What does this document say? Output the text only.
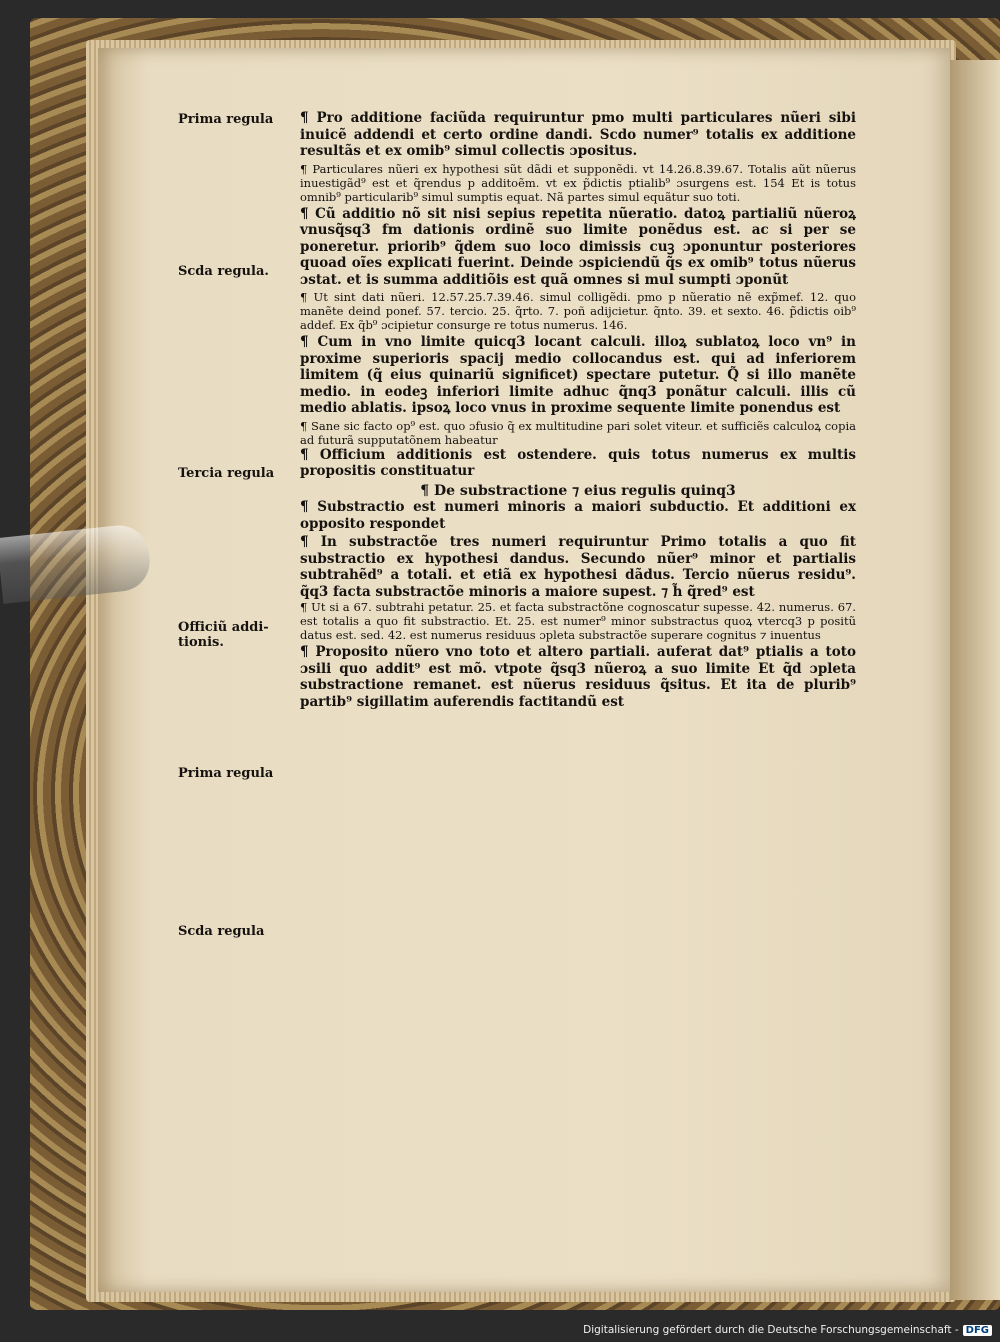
Prima regula
Scda regula.
Tercia regula
Officiũ addi-
tionis.
Prima regula
Scda regula
¶ Pro additione faciũda requiruntur pmo multi particulares nũeri sibi inuicẽ addendi et certo ordine dandi. Scdo numer⁹ totalis ex additione resultãs et ex omib⁹ simul collectis ɔpositus.
¶ Particulares nũeri ex hypothesi sũt dãdi et supponẽdi. vt 14.26.8.39.67. Totalis aũt nũerus inuestigãd⁹ est et q̃rendus p additoẽm. vt ex p̃dictis ptialib⁹ ɔsurgens est. 154 Et is totus omnib⁹ particularib⁹ simul sumptis equat. Nã partes simul equãtur suo toti.
¶ Cũ additio nõ sit nisi sepius repetita nũeratio. datoꝝ partialiũ nũeroꝝ vnusq̃sq3 fm dationis ordinẽ suo limite ponẽdus est. ac si per se poneretur. priorib⁹ q̃dem suo loco dimissis cuꝫ ɔponuntur posteriores quoad oĩes explicati fuerint. Deinde ɔspiciendũ q̃s ex omib⁹ totus nũerus ɔstat. et is summa additiõis est quã omnes si mul sumpti ɔponũt
¶ Ut sint dati nũeri. 12.57.25.7.39.46. simul colligẽdi. pmo p nũeratio nẽ exp̃mef. 12. quo manẽte deind ponef. 57. tercio. 25. q̃rto. 7. poñ adijcietur. q̃nto. 39. et sexto. 46. p̃dictis oib⁹ addef. Ex q̃b⁹ ɔcipietur consurge re totus numerus. 146.
¶ Cum in vno limite quicq3 locant calculi. illoꝝ sublatoꝝ loco vn⁹ in proxime superioris spacij medio collocandus est. qui ad inferiorem limitem (q̃ eius quinariũ significet) spectare putetur. Q̃ si illo manẽte medio. in eodeꝫ inferiori limite adhuc q̃nq3 ponãtur calculi. illis cũ medio ablatis. ipsoꝝ loco vnus in proxime sequente limite ponendus est
¶ Sane sic facto op⁹ est. quo ɔfusio q̃ ex multitudine pari solet viteur. et sufficiẽs calculoꝝ copia ad futurã supputatõnem habeatur
¶ Officium additionis est ostendere. quis totus numerus ex multis propositis constituatur
¶ De substractione ⁊ eius regulis quinq3
¶ Substractio est numeri minoris a maiori subductio. Et additioni ex opposito respondet
¶ In substractõe tres numeri requiruntur Primo totalis a quo fit substractio ex hypothesi dandus. Secundo nũer⁹ minor et partialis subtrahẽd⁹ a totali. et etiã ex hypothesi dãdus. Tercio nũerus residu⁹. q̃q3 facta substractõe minoris a maiore supest. ⁊ h̃ q̃red⁹ est
¶ Ut si a 67. subtrahi petatur. 25. et facta substractõne cognoscatur supesse. 42. numerus. 67. est totalis a quo fit substractio. Et. 25. est numer⁹ minor substractus quoꝝ vtercq3 p positũ datus est. sed. 42. est numerus residuus ɔpleta substractõe superare cognitus ⁊ inuentus
¶ Proposito nũero vno toto et altero partiali. auferat dat⁹ ptialis a toto ɔsili quo addit⁹ est mõ. vtpote q̃sq3 nũeroꝝ a suo limite Et q̃d ɔpleta substractione remanet. est nũerus residuus q̃situs. Et ita de plurib⁹ partib⁹ sigillatim auferendis factitandũ est
Digitalisierung gefördert durch die Deutsche Forschungsgemeinschaft - DFG
